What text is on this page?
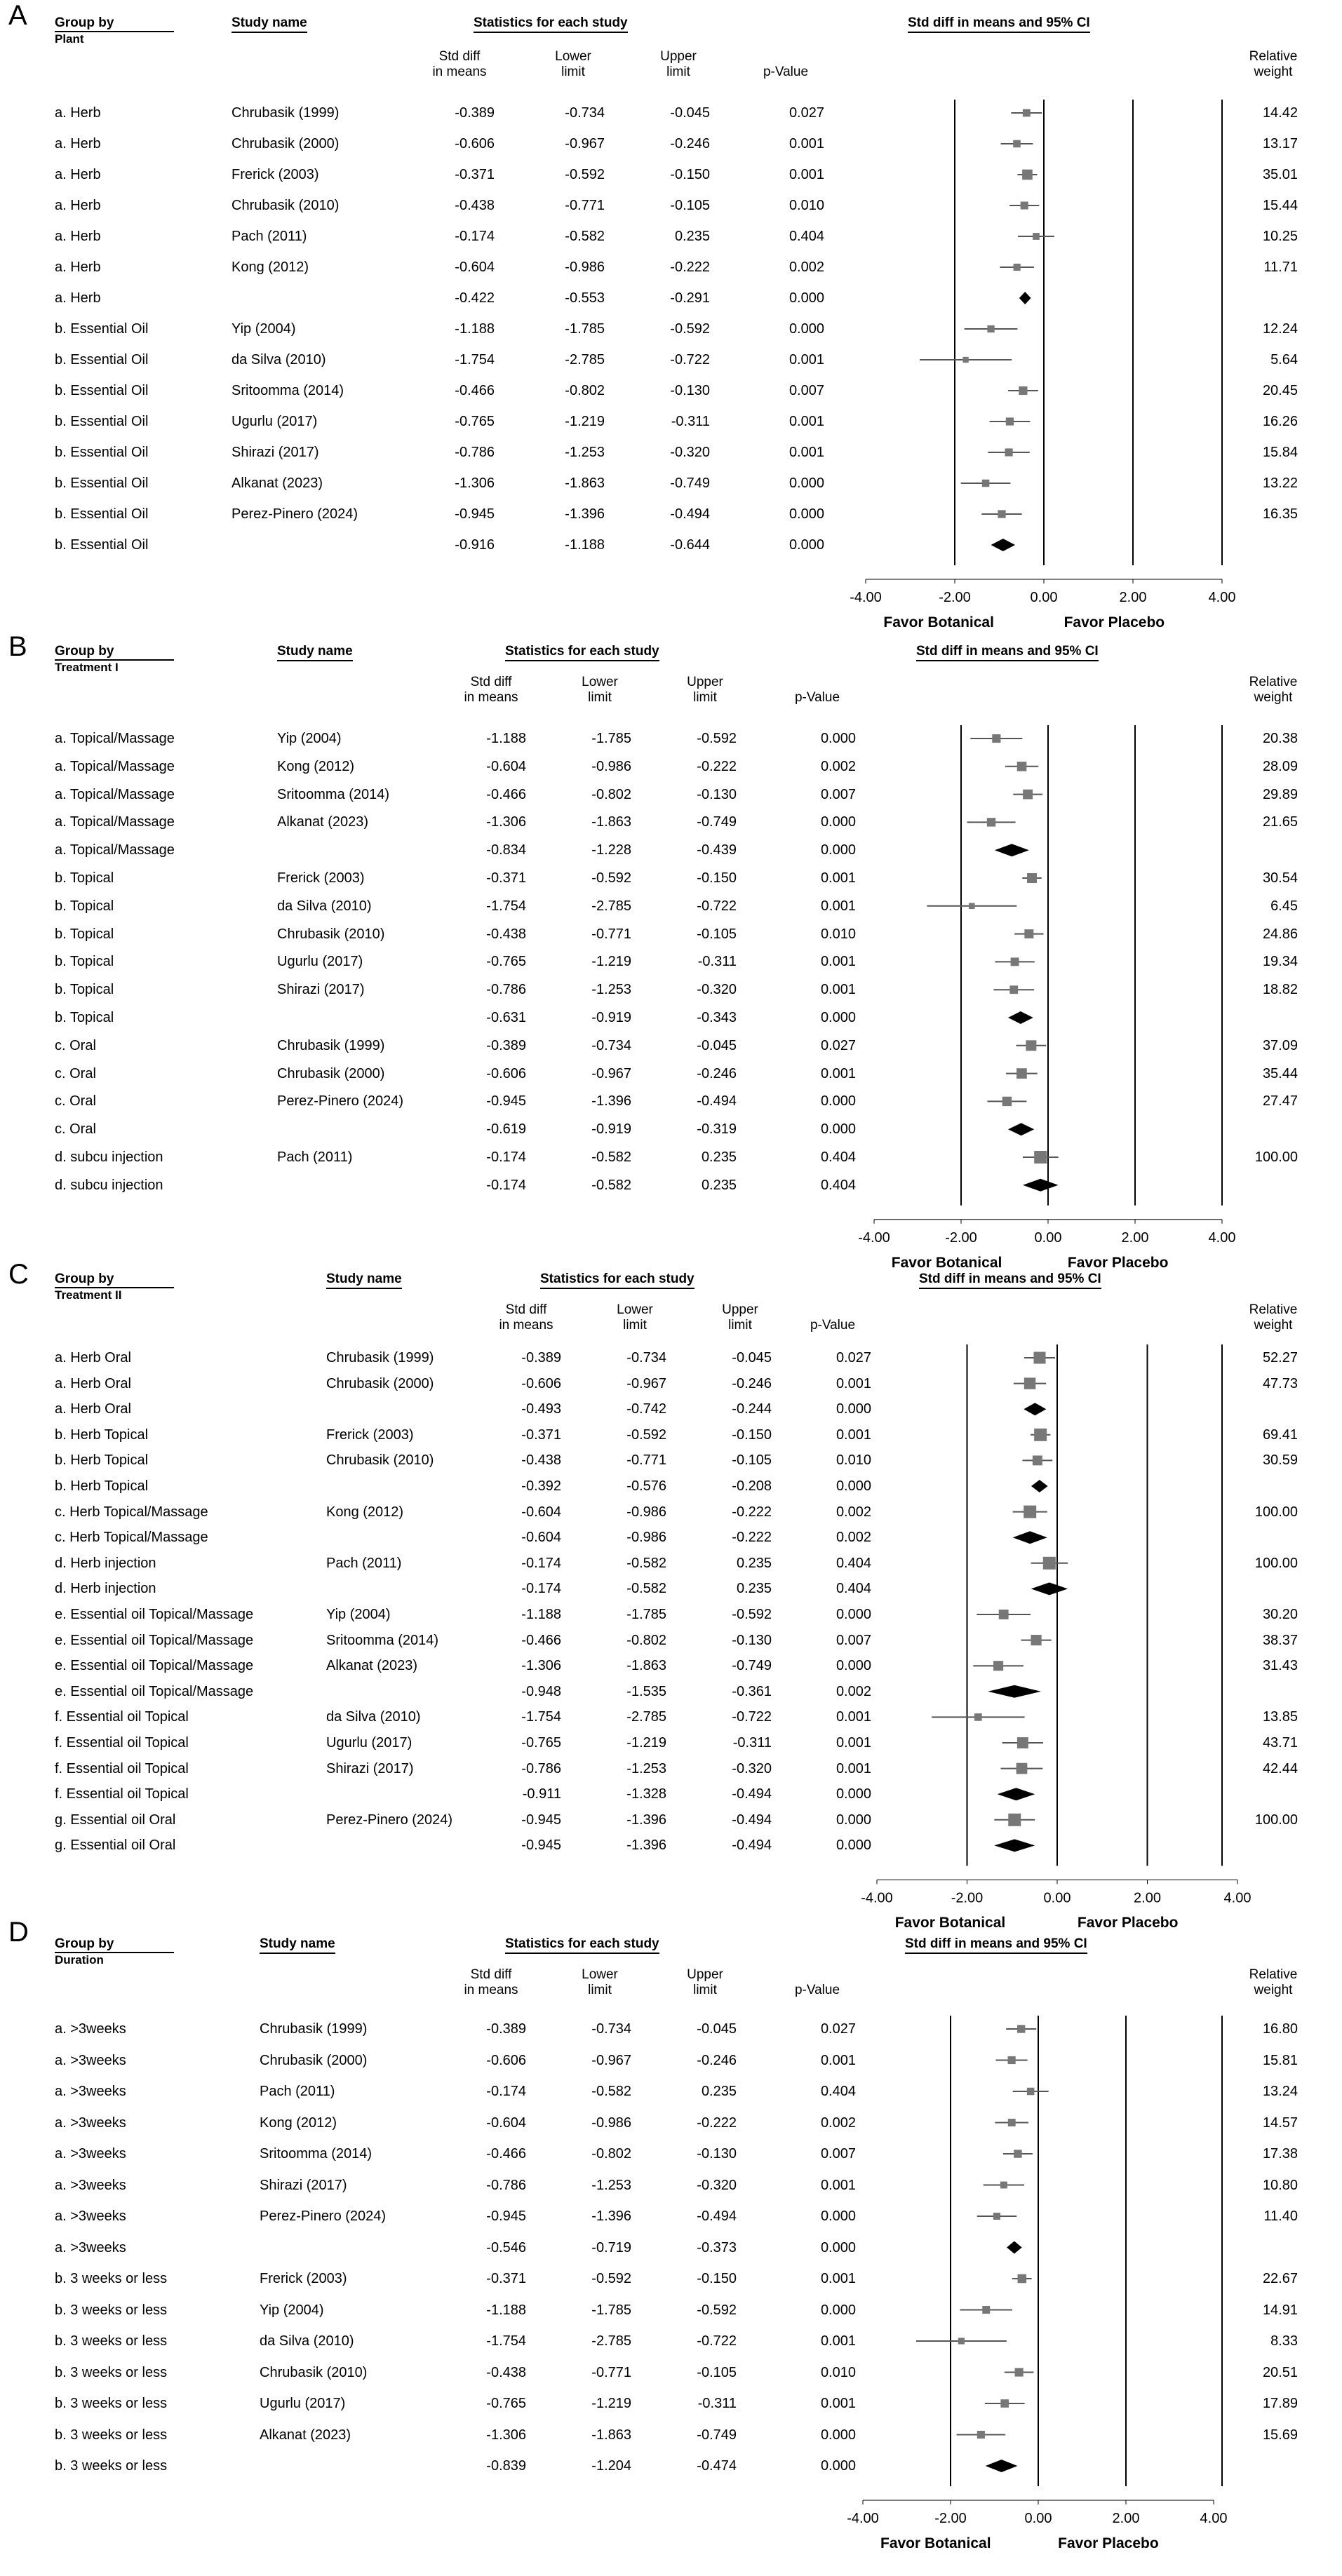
A Group by
Plant
Study name	Statistics for each study	Std diff in means and 95% CI
Std diff
in means
Lower
limit
Upper
limit	p-Value
Relative
weight
-4.00	-2.00	0.00	2.00	4.00
Favor Botanical	Favor Placebo
a. Herb	Chrubasik (1999)	-0.389	-0.734	-0.045	0.027	14.42
a. Herb	Chrubasik (2000)	-0.606	-0.967	-0.246	0.001	13.17
a. Herb	Frerick (2003)	-0.371	-0.592	-0.150	0.001	35.01
a. Herb	Chrubasik (2010)	-0.438	-0.771	-0.105	0.010	15.44
a. Herb	Pach (2011)	-0.174	-0.582	0.235	0.404	10.25
a. Herb	Kong (2012)	-0.604	-0.986	-0.222	0.002	11.71
a. Herb	-0.422	-0.553	-0.291	0.000
b. Essential Oil	Yip (2004)	-1.188	-1.785	-0.592	0.000	12.24
b. Essential Oil	da Silva (2010)	-1.754	-2.785	-0.722	0.001	5.64
b. Essential Oil	Sritoomma (2014)	-0.466	-0.802	-0.130	0.007	20.45
b. Essential Oil	Ugurlu (2017)	-0.765	-1.219	-0.311	0.001	16.26
b. Essential Oil	Shirazi (2017)	-0.786	-1.253	-0.320	0.001	15.84
b. Essential Oil	Alkanat (2023)	-1.306	-1.863	-0.749	0.000	13.22
b. Essential Oil	Perez-Pinero (2024)	-0.945	-1.396	-0.494	0.000	16.35
b. Essential Oil	-0.916	-1.188	-0.644	0.000
B Group by
Treatment I
Study name	Statistics for each study	Std diff in means and 95% CI
Std diff
in means
Lower
limit
Upper
limit	p-Value
Relative
weight
-4.00	-2.00	0.00	2.00	4.00
Favor Botanical	Favor Placebo
a. Topical/Massage	Yip (2004)	-1.188	-1.785	-0.592	0.000	20.38
a. Topical/Massage	Kong (2012)	-0.604	-0.986	-0.222	0.002	28.09
a. Topical/Massage	Sritoomma (2014)	-0.466	-0.802	-0.130	0.007	29.89
a. Topical/Massage	Alkanat (2023)	-1.306	-1.863	-0.749	0.000	21.65
a. Topical/Massage	-0.834	-1.228	-0.439	0.000
b. Topical	Frerick (2003)	-0.371	-0.592	-0.150	0.001	30.54
b. Topical	da Silva (2010)	-1.754	-2.785	-0.722	0.001	6.45
b. Topical	Chrubasik (2010)	-0.438	-0.771	-0.105	0.010	24.86
b. Topical	Ugurlu (2017)	-0.765	-1.219	-0.311	0.001	19.34
b. Topical	Shirazi (2017)	-0.786	-1.253	-0.320	0.001	18.82
b. Topical	-0.631	-0.919	-0.343	0.000
c. Oral	Chrubasik (1999)	-0.389	-0.734	-0.045	0.027	37.09
c. Oral	Chrubasik (2000)	-0.606	-0.967	-0.246	0.001	35.44
c. Oral	Perez-Pinero (2024)	-0.945	-1.396	-0.494	0.000	27.47
c. Oral	-0.619	-0.919	-0.319	0.000
d. subcu injection	Pach (2011)	-0.174	-0.582	0.235	0.404	100.00
d. subcu injection	-0.174	-0.582	0.235	0.404
C Group by
Treatment II
Study name	Statistics for each study	Std diff in means and 95% CI
Std diff
in means
Lower
limit
Upper
limit	p-Value
Relative
weight
-4.00	-2.00	0.00	2.00	4.00
Favor Botanical	Favor Placebo
a. Herb Oral	Chrubasik (1999)	-0.389	-0.734	-0.045	0.027	52.27
a. Herb Oral	Chrubasik (2000)	-0.606	-0.967	-0.246	0.001	47.73
a. Herb Oral	-0.493	-0.742	-0.244	0.000
b. Herb Topical	Frerick (2003)	-0.371	-0.592	-0.150	0.001	69.41
b. Herb Topical	Chrubasik (2010)	-0.438	-0.771	-0.105	0.010	30.59
b. Herb Topical	-0.392	-0.576	-0.208	0.000
c. Herb Topical/Massage	Kong (2012)	-0.604	-0.986	-0.222	0.002	100.00
c. Herb Topical/Massage	-0.604	-0.986	-0.222	0.002
d. Herb injection	Pach (2011)	-0.174	-0.582	0.235	0.404	100.00
d. Herb injection	-0.174	-0.582	0.235	0.404
e. Essential oil Topical/Massage	Yip (2004)	-1.188	-1.785	-0.592	0.000	30.20
e. Essential oil Topical/Massage	Sritoomma (2014)	-0.466	-0.802	-0.130	0.007	38.37
e. Essential oil Topical/Massage	Alkanat (2023)	-1.306	-1.863	-0.749	0.000	31.43
e. Essential oil Topical/Massage	-0.948	-1.535	-0.361	0.002
f. Essential oil Topical	da Silva (2010)	-1.754	-2.785	-0.722	0.001	13.85
f. Essential oil Topical	Ugurlu (2017)	-0.765	-1.219	-0.311	0.001	43.71
f. Essential oil Topical	Shirazi (2017)	-0.786	-1.253	-0.320	0.001	42.44
f. Essential oil Topical	-0.911	-1.328	-0.494	0.000
g. Essential oil Oral	Perez-Pinero (2024)	-0.945	-1.396	-0.494	0.000	100.00
g. Essential oil Oral	-0.945	-1.396	-0.494	0.000
D Group by
Duration
Study name	Statistics for each study	Std diff in means and 95% CI
Std diff
in means
Lower
limit
Upper
limit	p-Value
Relative
weight
-4.00	-2.00	0.00	2.00	4.00
Favor Botanical	Favor Placebo
a. >3weeks	Chrubasik (1999)	-0.389	-0.734	-0.045	0.027	16.80
a. >3weeks	Chrubasik (2000)	-0.606	-0.967	-0.246	0.001	15.81
a. >3weeks	Pach (2011)	-0.174	-0.582	0.235	0.404	13.24
a. >3weeks	Kong (2012)	-0.604	-0.986	-0.222	0.002	14.57
a. >3weeks	Sritoomma (2014)	-0.466	-0.802	-0.130	0.007	17.38
a. >3weeks	Shirazi (2017)	-0.786	-1.253	-0.320	0.001	10.80
a. >3weeks	Perez-Pinero (2024)	-0.945	-1.396	-0.494	0.000	11.40
a. >3weeks	-0.546	-0.719	-0.373	0.000
b. 3 weeks or less	Frerick (2003)	-0.371	-0.592	-0.150	0.001	22.67
b. 3 weeks or less	Yip (2004)	-1.188	-1.785	-0.592	0.000	14.91
b. 3 weeks or less	da Silva (2010)	-1.754	-2.785	-0.722	0.001	8.33
b. 3 weeks or less	Chrubasik (2010)	-0.438	-0.771	-0.105	0.010	20.51
b. 3 weeks or less	Ugurlu (2017)	-0.765	-1.219	-0.311	0.001	17.89
b. 3 weeks or less	Alkanat (2023)	-1.306	-1.863	-0.749	0.000	15.69
b. 3 weeks or less	-0.839	-1.204	-0.474	0.000
